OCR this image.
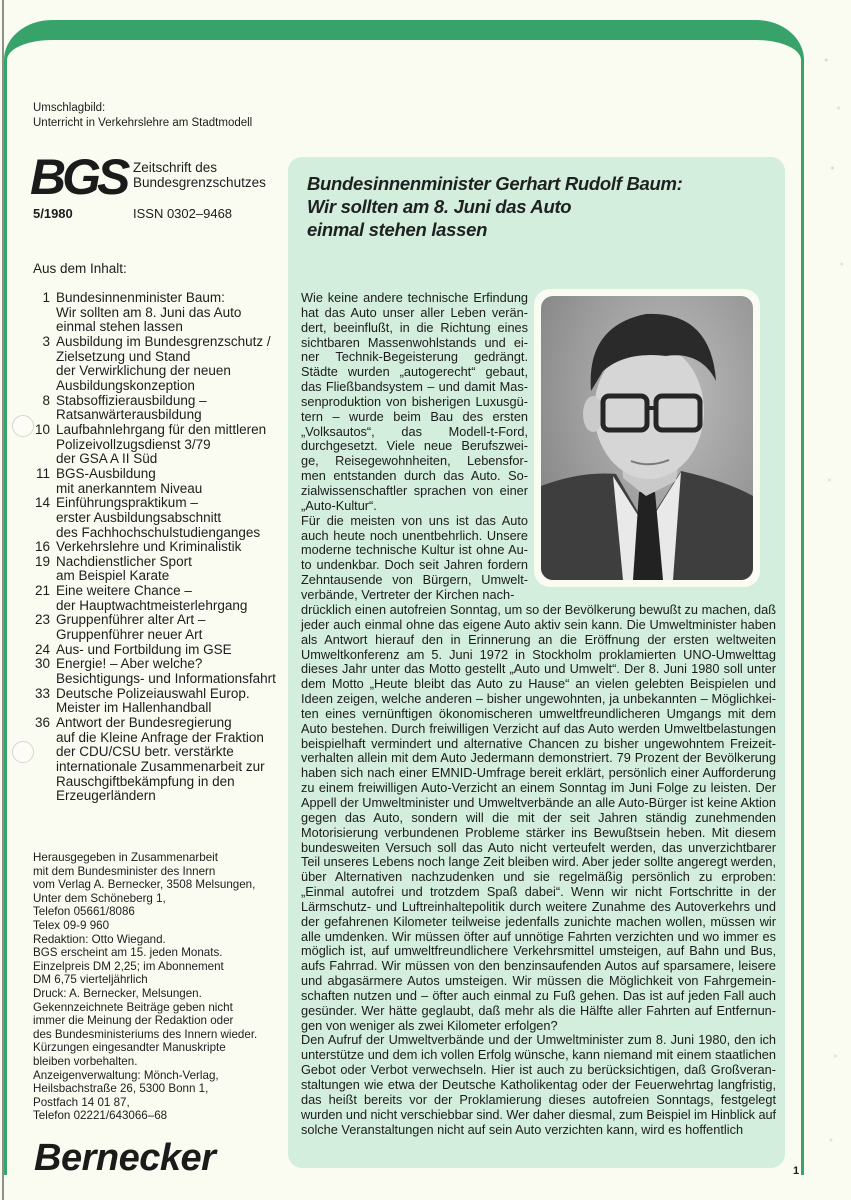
Umschlagbild:
Unterricht in Verkehrslehre am Stadtmodell
BGS Zeitschrift des
Bundesgrenzschutzes
5/1980	ISSN 0302–9468
Aus dem Inhalt:
1 Bundesinnenminister Baum:
Wir sollten am 8. Juni das Auto
einmal stehen lassen
3 Ausbildung im Bundesgrenzschutz /
Zielsetzung und Stand
der Verwirklichung der neuen
Ausbildungskonzeption
8 Stabsoffizierausbildung –
Ratsanwärterausbildung
10 Laufbahnlehrgang für den mittleren
Polizeivollzugsdienst 3/79
der GSA A II Süd
11 BGS-Ausbildung
mit anerkanntem Niveau
14 Einführungspraktikum –
erster Ausbildungsabschnitt
des Fachhochschulstudienganges
16 Verkehrslehre und Kriminalistik
19 Nachdienstlicher Sport
am Beispiel Karate
21 Eine weitere Chance –
der Hauptwachtmeisterlehrgang
23 Gruppenführer alter Art –
Gruppenführer neuer Art
24 Aus- und Fortbildung im GSE
30 Energie! – Aber welche?
Besichtigungs- und Informationsfahrt
33 Deutsche Polizeiauswahl Europ.
Meister im Hallenhandball
36 Antwort der Bundesregierung
auf die Kleine Anfrage der Fraktion
der CDU/CSU betr. verstärkte
internationale Zusammenarbeit zur
Rauschgiftbekämpfung in den
Erzeugerländern
Herausgegeben in Zusammenarbeit
mit dem Bundesminister des Innern
vom Verlag A. Bernecker, 3508 Melsungen,
Unter dem Schöneberg 1,
Telefon 05661/8086
Telex 09-9 960
Redaktion: Otto Wiegand.
BGS erscheint am 15. jeden Monats.
Einzelpreis DM 2,25; im Abonnement
DM 6,75 vierteljährlich
Druck: A. Bernecker, Melsungen.
Gekennzeichnete Beiträge geben nicht
immer die Meinung der Redaktion oder
des Bundesministeriums des Innern wieder.
Kürzungen eingesandter Manuskripte
bleiben vorbehalten.
Anzeigenverwaltung: Mönch-Verlag,
Heilsbachstraße 26, 5300 Bonn 1,
Postfach 14 01 87,
Telefon 02221/643066–68
Bernecker
Bundesinnenminister Gerhart Rudolf Baum:
Wir sollten am 8. Juni das Auto
einmal stehen lassen
Wie keine andere technische Erfindung
hat das Auto unser aller Leben verän-
dert, beeinflußt, in die Richtung eines
sichtbaren Massenwohlstands und ei-
ner Technik-Begeisterung gedrängt.
Städte wurden „autogerecht“ gebaut,
das Fließbandsystem – und damit Mas-
senproduktion von bisherigen Luxusgü-
tern – wurde beim Bau des ersten
„Volksautos“, das Modell-t-Ford,
durchgesetzt. Viele neue Berufszwei-
ge, Reisegewohnheiten, Lebensfor-
men entstanden durch das Auto. So-
zialwissenschaftler sprachen von einer
„Auto-Kultur“.
Für die meisten von uns ist das Auto
auch heute noch unentbehrlich. Unsere
moderne technische Kultur ist ohne Au-
to undenkbar. Doch seit Jahren fordern
Zehntausende von Bürgern, Umwelt-
verbände, Vertreter der Kirchen nach-
drücklich einen autofreien Sonntag, um so der Bevölkerung bewußt zu machen, daß
jeder auch einmal ohne das eigene Auto aktiv sein kann. Die Umweltminister haben
als Antwort hierauf den in Erinnerung an die Eröffnung der ersten weltweiten
Umweltkonferenz am 5. Juni 1972 in Stockholm proklamierten UNO-Umwelttag
dieses Jahr unter das Motto gestellt „Auto und Umwelt“. Der 8. Juni 1980 soll unter
dem Motto „Heute bleibt das Auto zu Hause“ an vielen gelebten Beispielen und
Ideen zeigen, welche anderen – bisher ungewohnten, ja unbekannten – Möglichkei-
ten eines vernünftigen ökonomischeren umweltfreundlicheren Umgangs mit dem
Auto bestehen. Durch freiwilligen Verzicht auf das Auto werden Umweltbelastungen
beispielhaft vermindert und alternative Chancen zu bisher ungewohntem Freizeit-
verhalten allein mit dem Auto Jedermann demonstriert. 79 Prozent der Bevölkerung
haben sich nach einer EMNID-Umfrage bereit erklärt, persönlich einer Aufforderung
zu einem freiwilligen Auto-Verzicht an einem Sonntag im Juni Folge zu leisten. Der
Appell der Umweltminister und Umweltverbände an alle Auto-Bürger ist keine Aktion
gegen das Auto, sondern will die mit der seit Jahren ständig zunehmenden
Motorisierung verbundenen Probleme stärker ins Bewußtsein heben. Mit diesem
bundesweiten Versuch soll das Auto nicht verteufelt werden, das unverzichtbarer
Teil unseres Lebens noch lange Zeit bleiben wird. Aber jeder sollte angeregt werden,
über Alternativen nachzudenken und sie regelmäßig persönlich zu erproben:
„Einmal autofrei und trotzdem Spaß dabei“. Wenn wir nicht Fortschritte in der
Lärmschutz- und Luftreinhaltepolitik durch weitere Zunahme des Autoverkehrs und
der gefahrenen Kilometer teilweise jedenfalls zunichte machen wollen, müssen wir
alle umdenken. Wir müssen öfter auf unnötige Fahrten verzichten und wo immer es
möglich ist, auf umweltfreundlichere Verkehrsmittel umsteigen, auf Bahn und Bus,
aufs Fahrrad. Wir müssen von den benzinsaufenden Autos auf sparsamere, leisere
und abgasärmere Autos umsteigen. Wir müssen die Möglichkeit von Fahrgemein-
schaften nutzen und – öfter auch einmal zu Fuß gehen. Das ist auf jeden Fall auch
gesünder. Wer hätte geglaubt, daß mehr als die Hälfte aller Fahrten auf Entfernun-
gen von weniger als zwei Kilometer erfolgen?
Den Aufruf der Umweltverbände und der Umweltminister zum 8. Juni 1980, den ich
unterstütze und dem ich vollen Erfolg wünsche, kann niemand mit einem staatlichen
Gebot oder Verbot verwechseln. Hier ist auch zu berücksichtigen, daß Großveran-
staltungen wie etwa der Deutsche Katholikentag oder der Feuerwehrtag langfristig,
das heißt bereits vor der Proklamierung dieses autofreien Sonntags, festgelegt
wurden und nicht verschiebbar sind. Wer daher diesmal, zum Beispiel im Hinblick auf
solche Veranstaltungen nicht auf sein Auto verzichten kann, wird es hoffentlich
1
